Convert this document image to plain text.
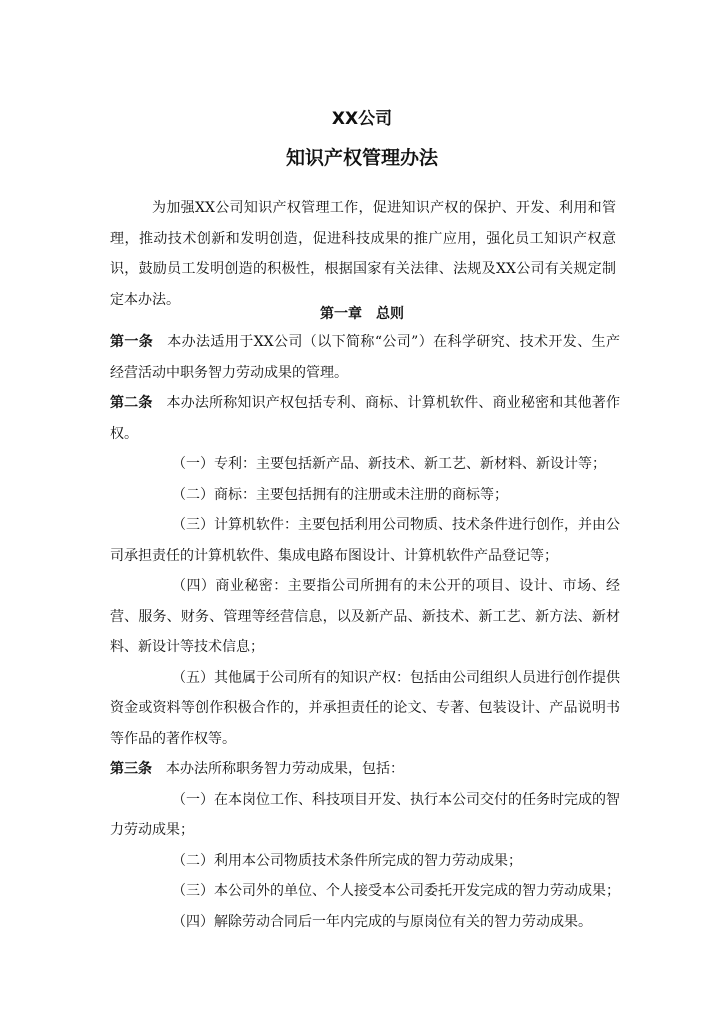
XX公司
知识产权管理办法

为加强XX公司知识产权管理工作，促进知识产权的保护、开发、利用和管理，推动技术创新和发明创造，促进科技成果的推广应用，强化员工知识产权意识，鼓励员工发明创造的积极性，根据国家有关法律、法规及XX公司有关规定制定本办法。

第一章　总则

第一条 本办法适用于XX公司（以下简称“公司”）在科学研究、技术开发、生产经营活动中职务智力劳动成果的管理。

第二条 本办法所称知识产权包括专利、商标、计算机软件、商业秘密和其他著作权。

（一）专利：主要包括新产品、新技术、新工艺、新材料、新设计等；

（二）商标：主要包括拥有的注册或未注册的商标等；

（三）计算机软件：主要包括利用公司物质、技术条件进行创作，并由公司承担责任的计算机软件、集成电路布图设计、计算机软件产品登记等；

（四）商业秘密：主要指公司所拥有的未公开的项目、设计、市场、经营、服务、财务、管理等经营信息，以及新产品、新技术、新工艺、新方法、新材料、新设计等技术信息；

（五）其他属于公司所有的知识产权：包括由公司组织人员进行创作提供资金或资料等创作积极合作的，并承担责任的论文、专著、包装设计、产品说明书等作品的著作权等。

第三条 本办法所称职务智力劳动成果，包括：

（一）在本岗位工作、科技项目开发、执行本公司交付的任务时完成的智力劳动成果；

（二）利用本公司物质技术条件所完成的智力劳动成果；

（三）本公司外的单位、个人接受本公司委托开发完成的智力劳动成果；

（四）解除劳动合同后一年内完成的与原岗位有关的智力劳动成果。
